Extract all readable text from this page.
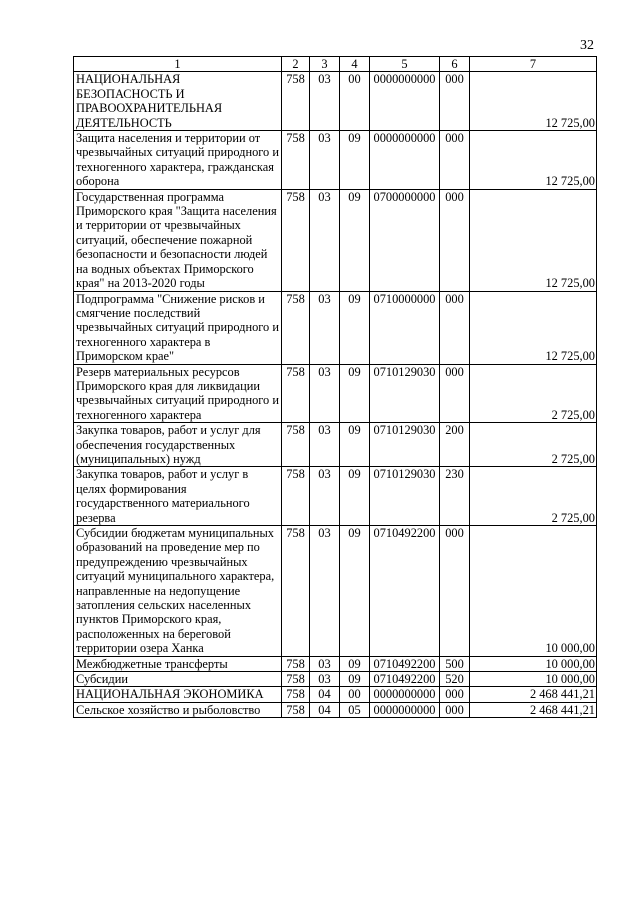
32
1	2	3	4	5	6	7
НАЦИОНАЛЬНАЯ БЕЗОПАСНОСТЬ И ПРАВООХРАНИТЕЛЬНАЯ ДЕЯТЕЛЬНОСТЬ	758	03	00	0000000000	000	12 725,00
Защита населения и территории от чрезвычайных ситуаций природного и техногенного характера, гражданская оборона	758	03	09	0000000000	000	12 725,00
Государственная программа Приморского края "Защита населения и территории от чрезвычайных ситуаций, обеспечение пожарной безопасности и безопасности людей на водных объектах Приморского края" на 2013-2020 годы	758	03	09	0700000000	000	12 725,00
Подпрограмма "Снижение рисков и смягчение последствий чрезвычайных ситуаций природного и техногенного характера в Приморском крае"	758	03	09	0710000000	000	12 725,00
Резерв материальных ресурсов Приморского края для ликвидации чрезвычайных ситуаций природного и техногенного характера	758	03	09	0710129030	000	2 725,00
Закупка товаров, работ и услуг для обеспечения государственных (муниципальных) нужд	758	03	09	0710129030	200	2 725,00
Закупка товаров, работ и услуг в целях формирования государственного материального резерва	758	03	09	0710129030	230	2 725,00
Субсидии бюджетам муниципальных образований на проведение мер по предупреждению чрезвычайных ситуаций муниципального характера, направленные на недопущение затопления сельских населенных пунктов Приморского края, расположенных на береговой территории озера Ханка	758	03	09	0710492200	000	10 000,00
Межбюджетные трансферты	758	03	09	0710492200	500	10 000,00
Субсидии	758	03	09	0710492200	520	10 000,00
НАЦИОНАЛЬНАЯ ЭКОНОМИКА	758	04	00	0000000000	000	2 468 441,21
Сельское хозяйство и рыболовство	758	04	05	0000000000	000	2 468 441,21
